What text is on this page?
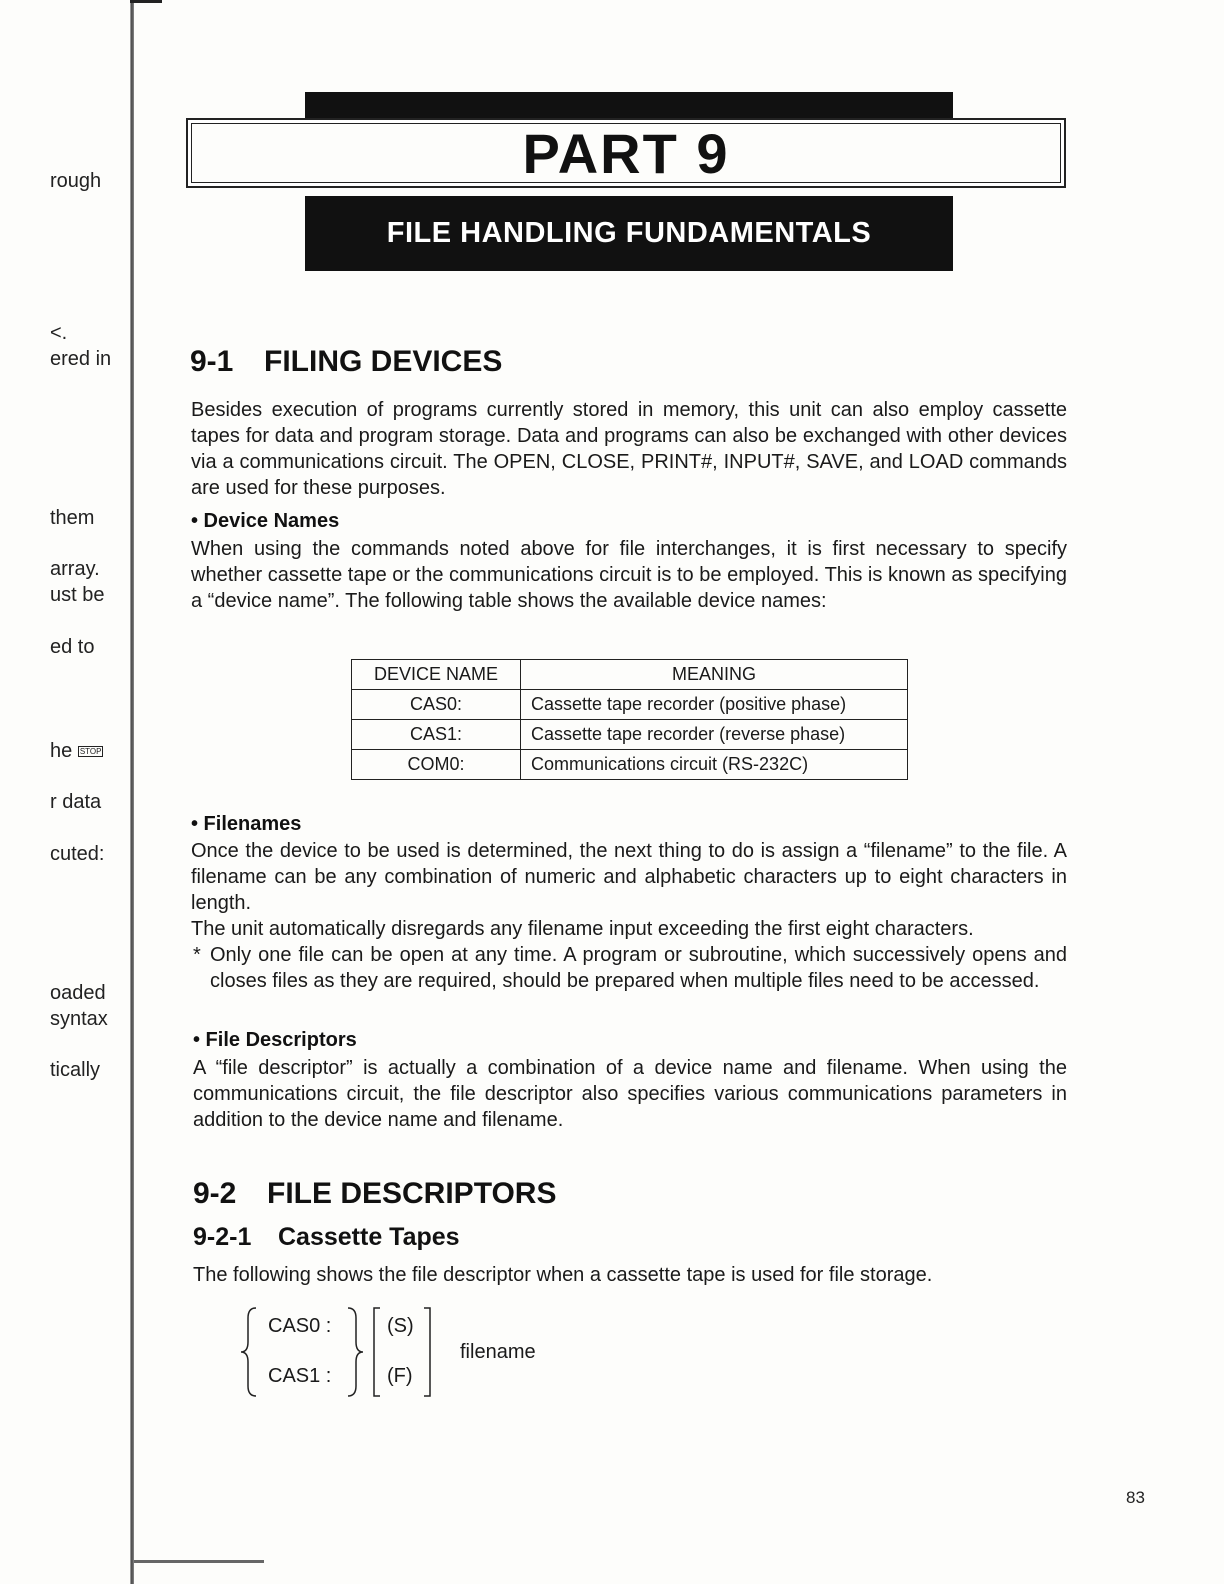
rough
<.
ered in
them
array.
ust be
ed to
he STOP
r data
cuted:
oaded
syntax
tically
PART 9
FILE HANDLING FUNDAMENTALS
9-1 FILING DEVICES
Besides execution of programs currently stored in memory, this unit can also employ cassette tapes for data and program storage. Data and programs can also be exchanged with other devices via a communications circuit. The OPEN, CLOSE, PRINT#, INPUT#, SAVE, and LOAD commands are used for these purposes.
• Device Names
When using the commands noted above for file interchanges, it is first necessary to specify whether cassette tape or the communications circuit is to be employed. This is known as specifying a “device name”. The following table shows the available device names:
DEVICE NAME	MEANING
CAS0:	Cassette tape recorder (positive phase)
CAS1:	Cassette tape recorder (reverse phase)
COM0:	Communications circuit (RS-232C)
• Filenames
Once the device to be used is determined, the next thing to do is assign a “filename” to the file. A filename can be any combination of numeric and alphabetic characters up to eight characters in length.
The unit automatically disregards any filename input exceeding the first eight characters.
* Only one file can be open at any time. A program or subroutine, which successively opens and closes files as they are required, should be prepared when multiple files need to be accessed.
• File Descriptors
A “file descriptor” is actually a combination of a device name and filename. When using the communications circuit, the file descriptor also specifies various communications parameters in addition to the device name and filename.
9-2 FILE DESCRIPTORS
9-2-1 Cassette Tapes
The following shows the file descriptor when a cassette tape is used for file storage.
CAS0 :
CAS1 :
(S)
(F)
filename
83
